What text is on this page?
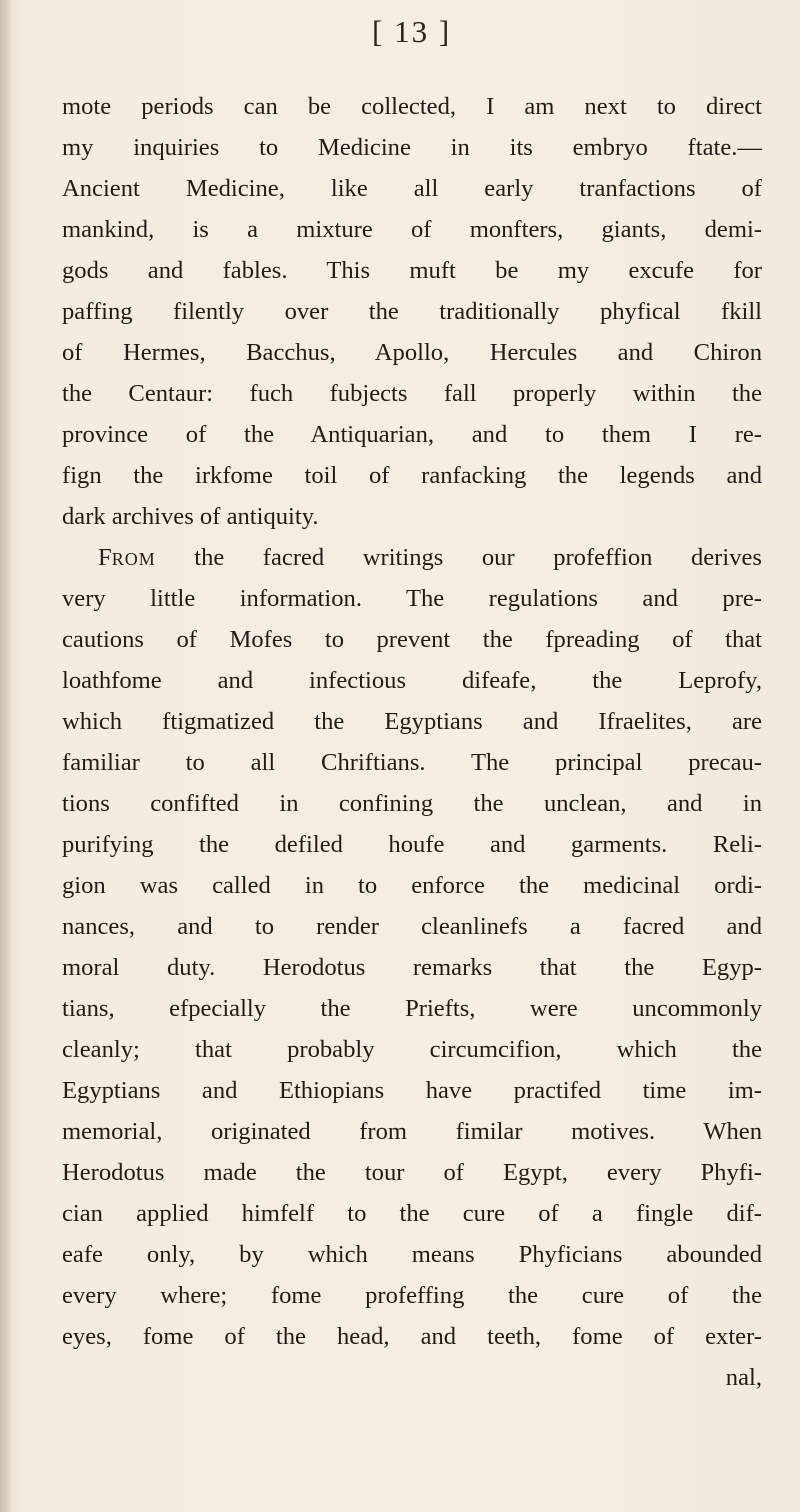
[ 13 ]
mote periods can be collected, I am next to direct
my inquiries to Medicine in its embryo ftate.—
Ancient Medicine, like all early tranfactions of
mankind, is a mixture of monfters, giants, demi-
gods and fables. This muft be my excufe for
paffing filently over the traditionally phyfical fkill
of Hermes, Bacchus, Apollo, Hercules and Chiron
the Centaur: fuch fubjects fall properly within the
province of the Antiquarian, and to them I re-
fign the irkfome toil of ranfacking the legends and
dark archives of antiquity.
FROM the facred writings our profeffion derives
very little information. The regulations and pre-
cautions of Mofes to prevent the fpreading of that
loathfome and infectious difeafe, the Leprofy,
which ftigmatized the Egyptians and Ifraelites, are
familiar to all Chriftians. The principal precau-
tions confifted in confining the unclean, and in
purifying the defiled houfe and garments. Reli-
gion was called in to enforce the medicinal ordi-
nances, and to render cleanlinefs a facred and
moral duty. Herodotus remarks that the Egyp-
tians, efpecially the Priefts, were uncommonly
cleanly; that probably circumcifion, which the
Egyptians and Ethiopians have practifed time im-
memorial, originated from fimilar motives. When
Herodotus made the tour of Egypt, every Phyfi-
cian applied himfelf to the cure of a fingle dif-
eafe only, by which means Phyficians abounded
every where; fome profeffing the cure of the
eyes, fome of the head, and teeth, fome of exter-
nal,
